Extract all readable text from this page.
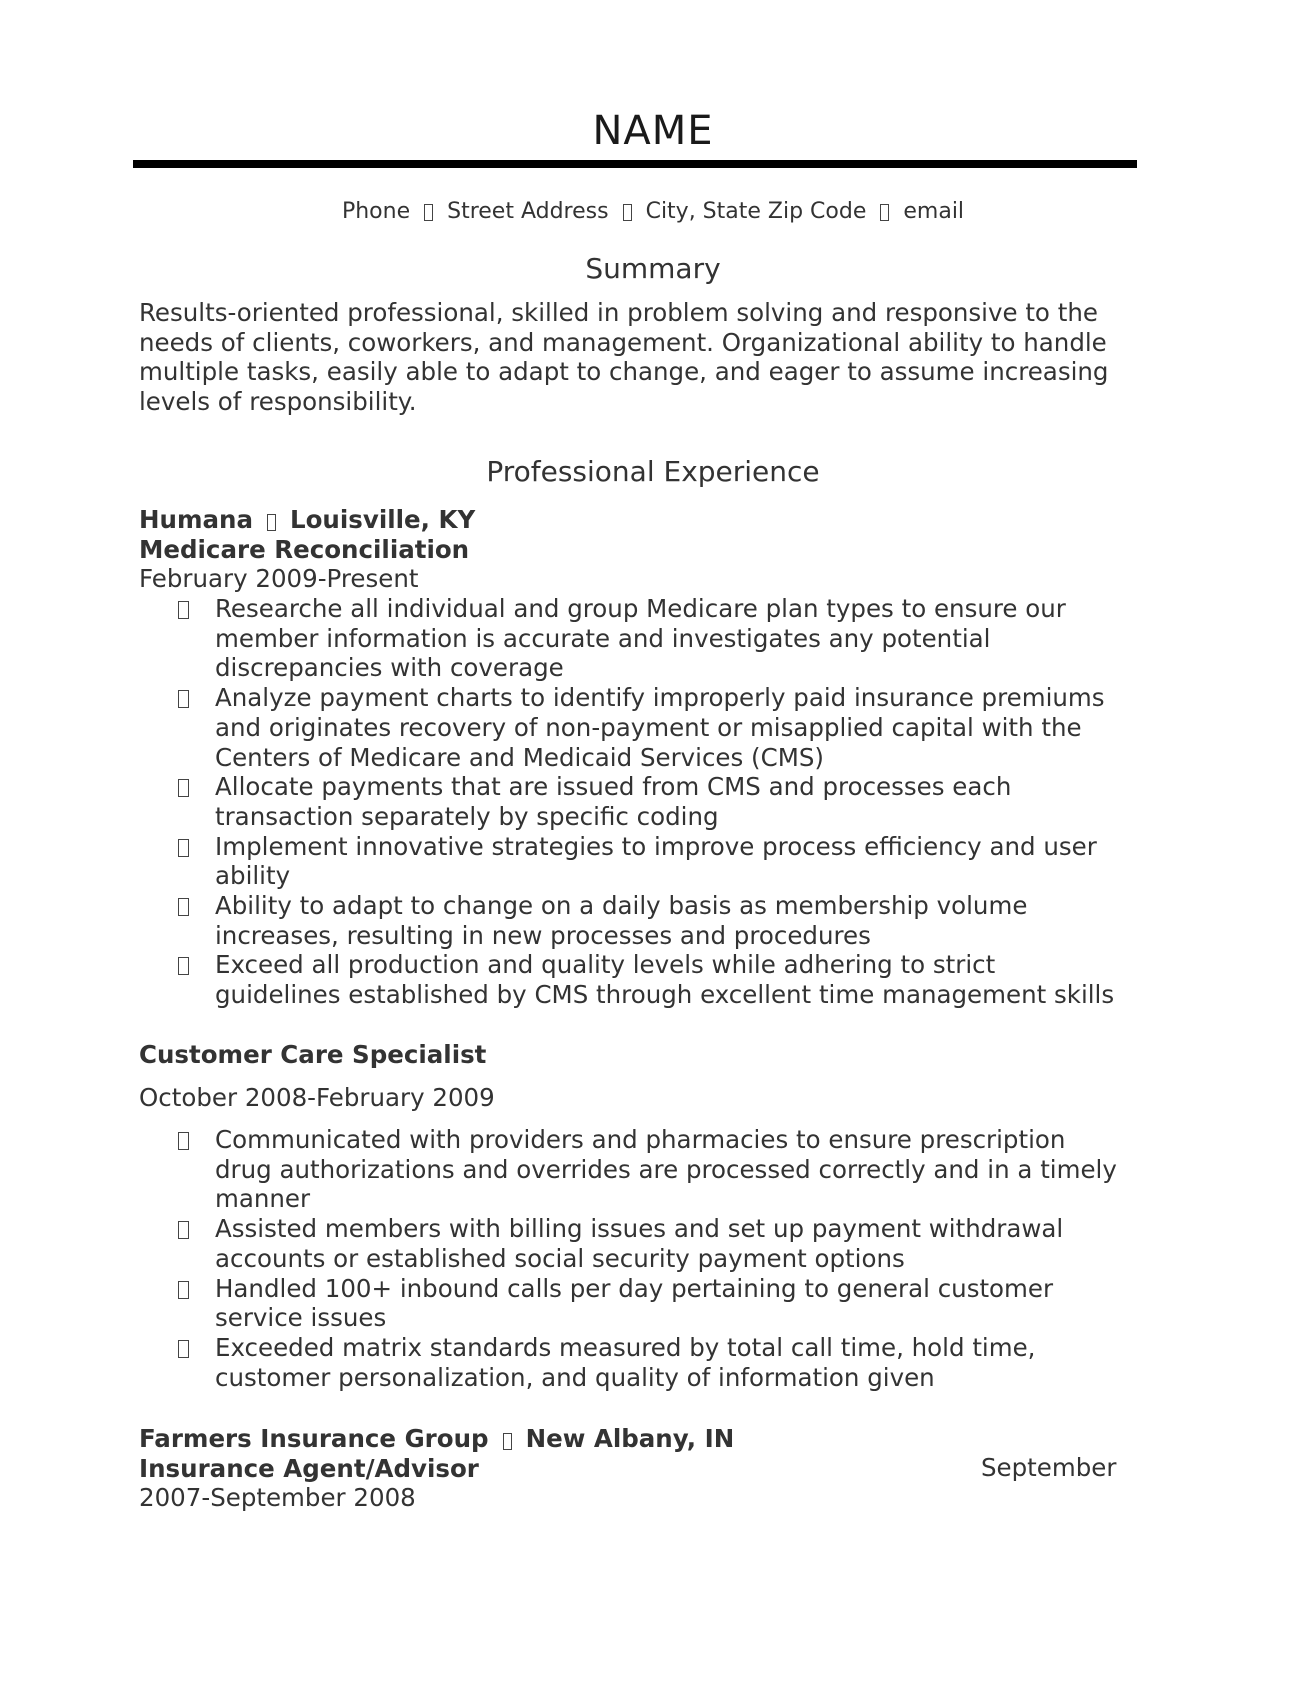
NAME
Phone Street Address City, State Zip Code email
Summary
Results-oriented professional, skilled in problem solving and responsive to the
needs of clients, coworkers, and management. Organizational ability to handle
multiple tasks, easily able to adapt to change, and eager to assume increasing
levels of responsibility.
Professional Experience
Humana Louisville, KY
Medicare Reconciliation
February 2009-Present
Researche all individual and group Medicare plan types to ensure our
member information is accurate and investigates any potential
discrepancies with coverage
Analyze payment charts to identify improperly paid insurance premiums
and originates recovery of non-payment or misapplied capital with the
Centers of Medicare and Medicaid Services (CMS)
Allocate payments that are issued from CMS and processes each
transaction separately by specific coding
Implement innovative strategies to improve process efficiency and user
ability
Ability to adapt to change on a daily basis as membership volume
increases, resulting in new processes and procedures
Exceed all production and quality levels while adhering to strict
guidelines established by CMS through excellent time management skills
Customer Care Specialist
October 2008-February 2009
Communicated with providers and pharmacies to ensure prescription
drug authorizations and overrides are processed correctly and in a timely
manner
Assisted members with billing issues and set up payment withdrawal
accounts or established social security payment options
Handled 100+ inbound calls per day pertaining to general customer
service issues
Exceeded matrix standards measured by total call time, hold time,
customer personalization, and quality of information given
Farmers Insurance Group New Albany, IN
Insurance Agent/Advisor
2007-September 2008
September
